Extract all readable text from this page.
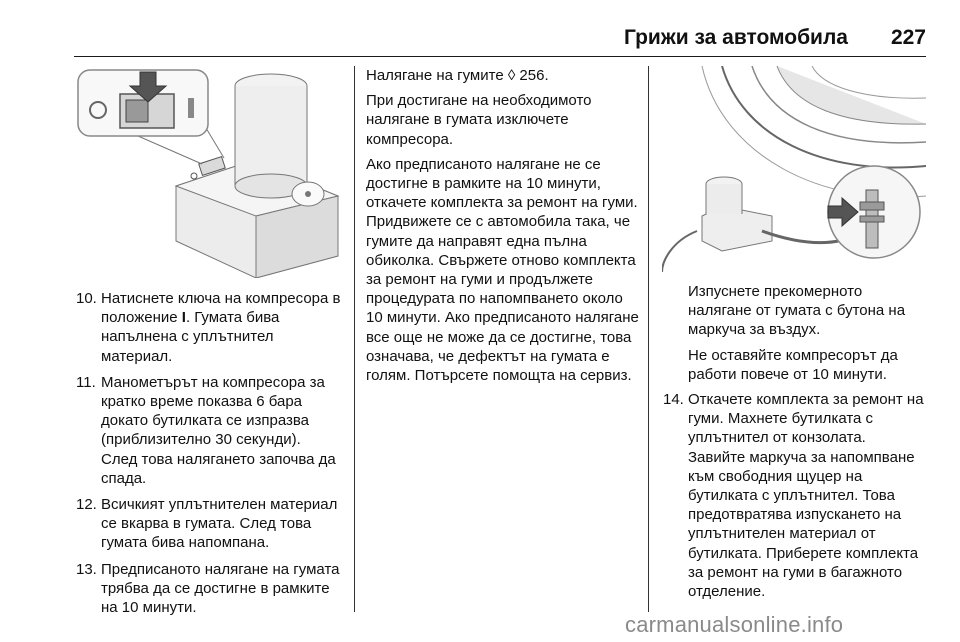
Грижи за автомобила 227
10. Натиснете ключа на компресора в положение I. Гумата бива напълнена с уплътнител материал.
11. Манометърът на компресора за кратко време показва 6 бара докато бутилката се изпразва (приблизително 30 секунди). След това налягането започва да спада.
12. Всичкият уплътнителен материал се вкарва в гумата. След това гумата бива напомпана.
13. Предписаното налягане на гумата трябва да се достигне в рамките на 10 минути.

Налягане на гумите ◊ 256.

При достигане на необходимото налягане в гумата изключете компресора.

Ако предписаното налягане не се достигне в рамките на 10 минути, откачете комплекта за ремонт на гуми. Придвижете се с автомобила така, че гумите да направят една пълна обиколка. Свържете отново комплекта за ремонт на гуми и продължете процедурата по напомпването около 10 минути. Ако предписаното налягане все още не може да се достигне, това означава, че дефектът на гумата е голям. Потърсете помощта на сервиз.

Изпуснете прекомерното налягане от гумата с бутона на маркуча за въздух.

Не оставяйте компресорът да работи повече от 10 минути.

14. Откачете комплекта за ремонт на гуми. Махнете бутилката с уплътнител от конзолата. Завийте маркуча за напомпване към свободния щуцер на бутилката с уплътнител. Това предотвратява изпускането на уплътнителен материал от бутилката. Приберете комплекта за ремонт на гуми в багажното отделение.
carmanualsonline.info
